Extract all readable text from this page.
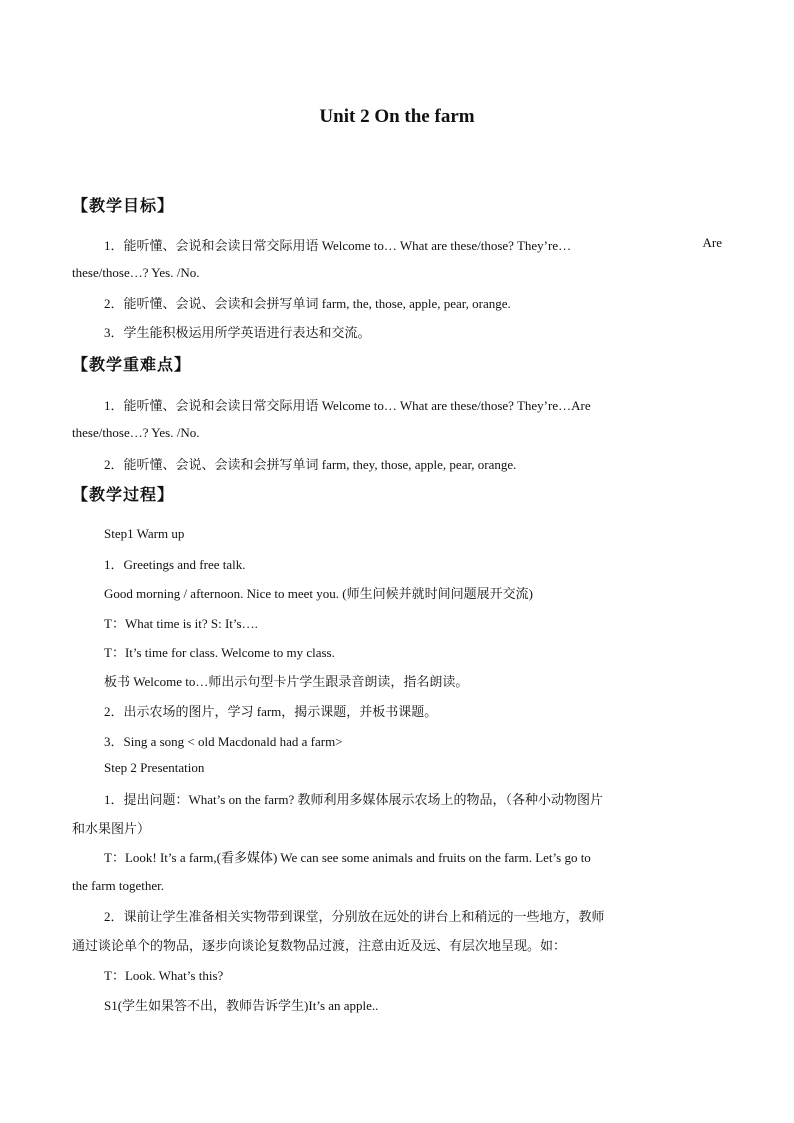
Unit 2 On the farm
【教学目标】
1．能听懂、会说和会读日常交际用语 Welcome to… What are these/those? They’re…	Are
these/those…? Yes. /No.
2．能听懂、会说、会读和会拼写单词 farm, the, those, apple, pear, orange.
3．学生能积极运用所学英语进行表达和交流。
【教学重难点】
1．能听懂、会说和会读日常交际用语 Welcome to… What are these/those? They’re…Are
these/those…? Yes. /No.
2．能听懂、会说、会读和会拼写单词 farm, they, those, apple, pear, orange.
【教学过程】
Step1 Warm up
1．Greetings and free talk.
Good morning / afternoon. Nice to meet you. (师生问候并就时间问题展开交流)
T：What time is it? S: It’s….
T：It’s time for class. Welcome to my class.
板书 Welcome to…师出示句型卡片学生跟录音朗读，指名朗读。
2．出示农场的图片，学习 farm，揭示课题，并板书课题。
3．Sing a song < old Macdonald had a farm>
Step 2 Presentation
1．提出问题：What’s on the farm? 教师利用多媒体展示农场上的物品，（各种小动物图片
和水果图片）
T：Look! It’s a farm,(看多媒体) We can see some animals and fruits on the farm. Let’s go to
the farm together.
2．课前让学生准备相关实物带到课堂，分别放在远处的讲台上和稍远的一些地方，教师
通过谈论单个的物品，逐步向谈论复数物品过渡，注意由近及远、有层次地呈现。如：
T：Look. What’s this?
S1(学生如果答不出，教师告诉学生)It’s an apple..
